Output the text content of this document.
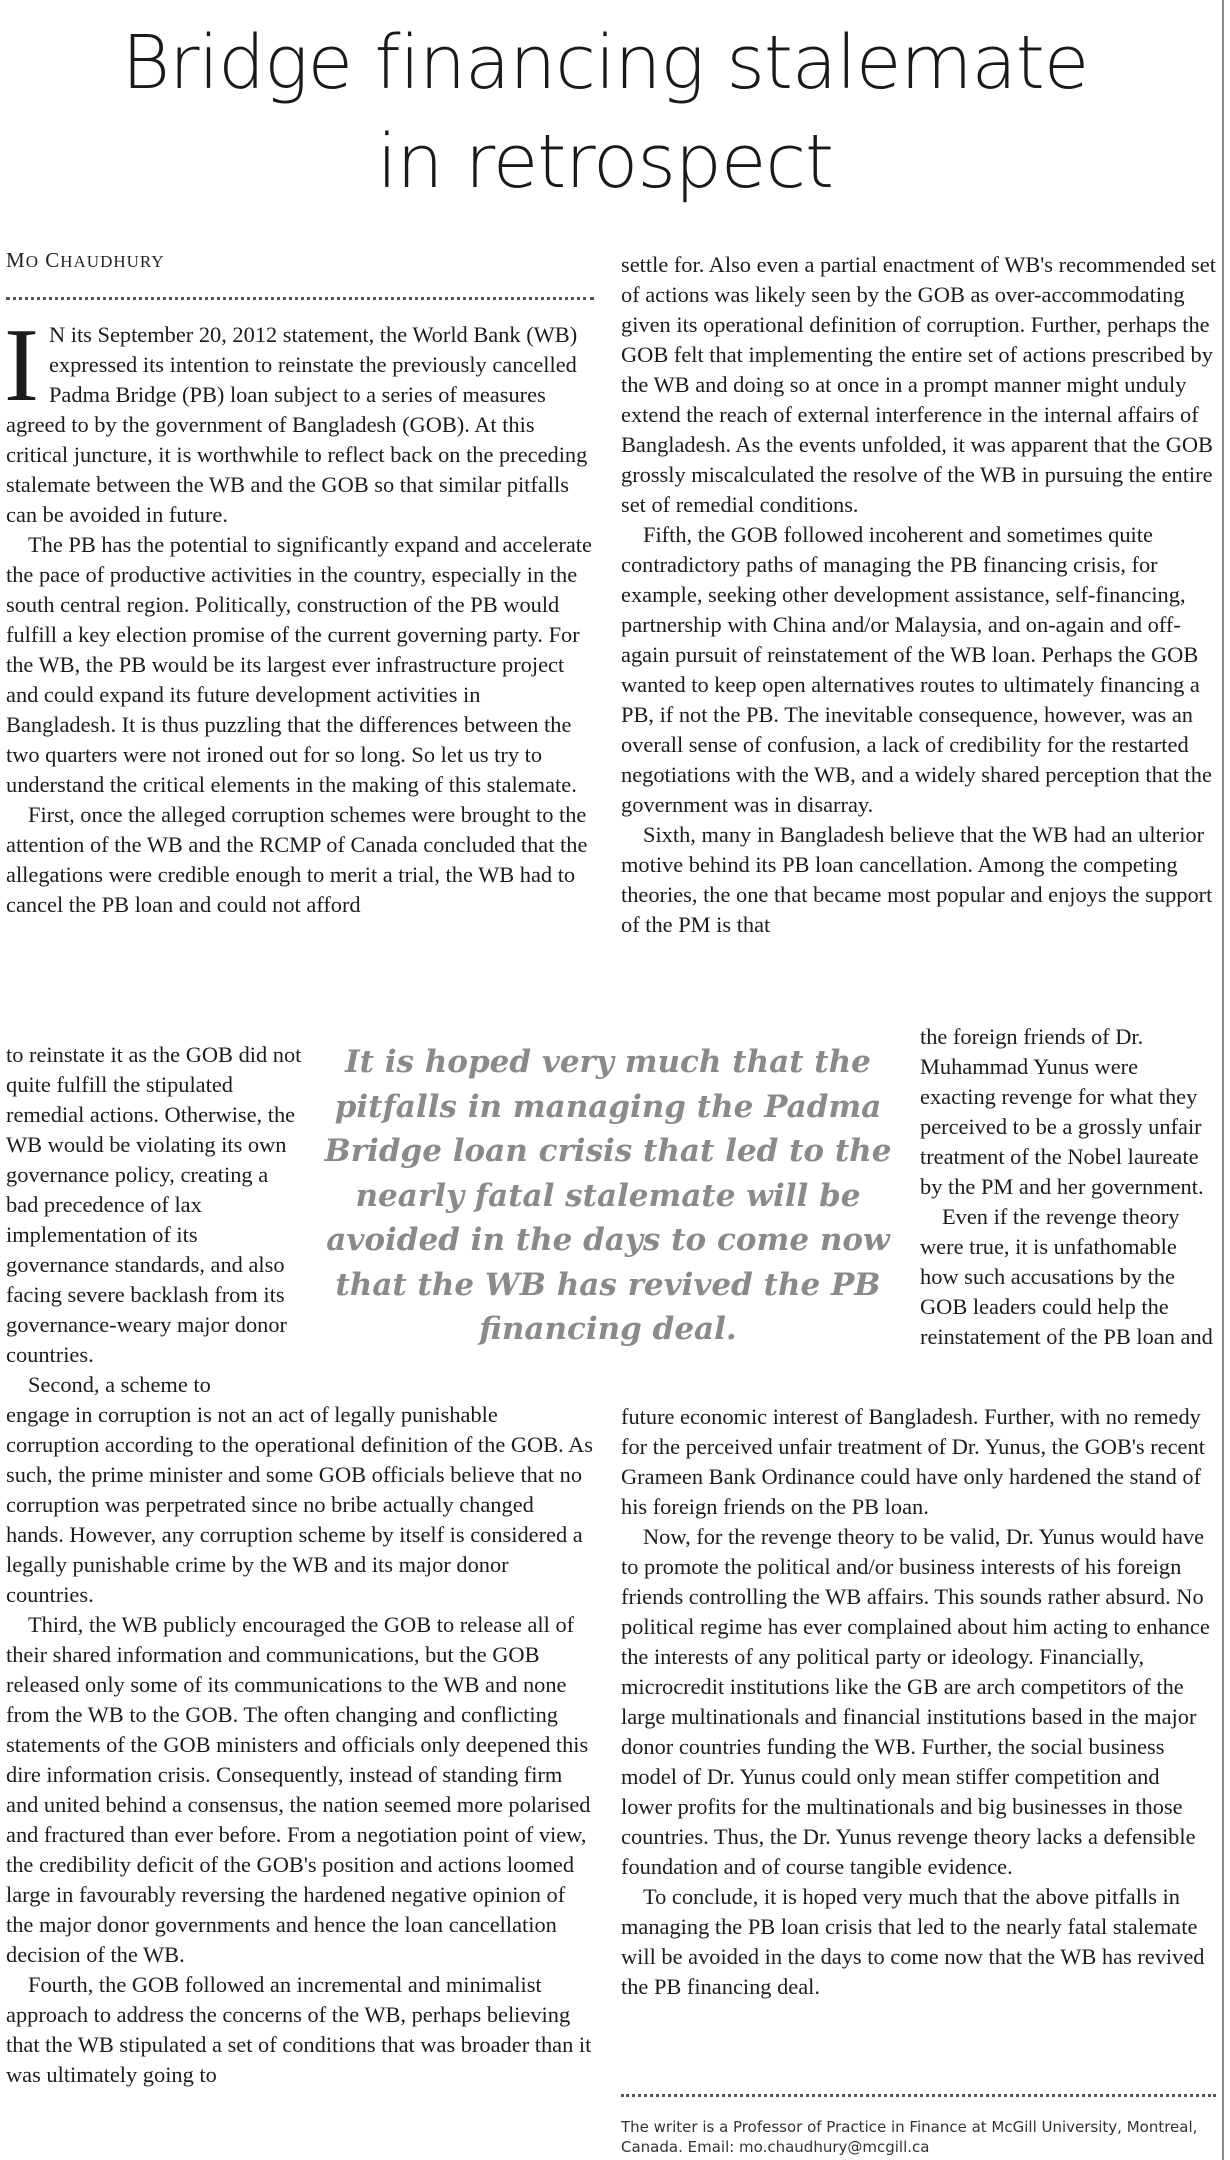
Bridge financing stalemate
in retrospect
MO CHAUDHURY

I N its September 20, 2012 statement, the World Bank (WB) expressed its intention to reinstate the previously cancelled Padma Bridge (PB) loan subject to a series of measures agreed to by the government of Bangladesh (GOB). At this critical juncture, it is worthwhile to reflect back on the preceding stalemate between the WB and the GOB so that similar pitfalls can be avoided in future.

The PB has the potential to significantly expand and accelerate the pace of productive activities in the country, especially in the south central region. Politically, construction of the PB would fulfill a key election promise of the current governing party. For the WB, the PB would be its largest ever infrastructure project and could expand its future development activities in Bangladesh. It is thus puzzling that the differences between the two quarters were not ironed out for so long. So let us try to understand the critical elements in the making of this stalemate.

First, once the alleged corruption schemes were brought to the attention of the WB and the RCMP of Canada concluded that the allegations were credible enough to merit a trial, the WB had to cancel the PB loan and could not afford

to reinstate it as the GOB did not quite fulfill the stipulated remedial actions. Otherwise, the WB would be violating its own governance policy, creating a bad precedence of lax implementation of its governance standards, and also facing severe backlash from its governance-weary major donor countries.

Second, a scheme to

engage in corruption is not an act of legally punishable corruption according to the operational definition of the GOB. As such, the prime minister and some GOB officials believe that no corruption was perpetrated since no bribe actually changed hands. However, any corruption scheme by itself is considered a legally punishable crime by the WB and its major donor countries.

Third, the WB publicly encouraged the GOB to release all of their shared information and communications, but the GOB released only some of its communications to the WB and none from the WB to the GOB. The often changing and conflicting statements of the GOB ministers and officials only deepened this dire information crisis. Consequently, instead of standing firm and united behind a consensus, the nation seemed more polarised and fractured than ever before. From a negotiation point of view, the credibility deficit of the GOB's position and actions loomed large in favourably reversing the hardened negative opinion of the major donor governments and hence the loan cancellation decision of the WB.

Fourth, the GOB followed an incremental and minimalist approach to address the concerns of the WB, perhaps believing that the WB stipulated a set of conditions that was broader than it was ultimately going to

It is hoped very much that the pitfalls in managing the Padma Bridge loan crisis that led to the nearly fatal stalemate will be avoided in the days to come now that the WB has revived the PB financing deal.

settle for. Also even a partial enactment of WB's recommended set of actions was likely seen by the GOB as over-accommodating given its operational definition of corruption. Further, perhaps the GOB felt that implementing the entire set of actions prescribed by the WB and doing so at once in a prompt manner might unduly extend the reach of external interference in the internal affairs of Bangladesh. As the events unfolded, it was apparent that the GOB grossly miscalculated the resolve of the WB in pursuing the entire set of remedial conditions.

Fifth, the GOB followed incoherent and sometimes quite contradictory paths of managing the PB financing crisis, for example, seeking other development assistance, self-financing, partnership with China and/or Malaysia, and on-again and off-again pursuit of reinstatement of the WB loan. Perhaps the GOB wanted to keep open alternatives routes to ultimately financing a PB, if not the PB. The inevitable consequence, however, was an overall sense of confusion, a lack of credibility for the restarted negotiations with the WB, and a widely shared perception that the government was in disarray.

Sixth, many in Bangladesh believe that the WB had an ulterior motive behind its PB loan cancellation. Among the competing theories, the one that became most popular and enjoys the support of the PM is that

the foreign friends of Dr. Muhammad Yunus were exacting revenge for what they perceived to be a grossly unfair treatment of the Nobel laureate by the PM and her government.

Even if the revenge theory were true, it is unfathomable how such accusations by the GOB leaders could help the reinstatement of the PB loan and

future economic interest of Bangladesh. Further, with no remedy for the perceived unfair treatment of Dr. Yunus, the GOB's recent Grameen Bank Ordinance could have only hardened the stand of his foreign friends on the PB loan.

Now, for the revenge theory to be valid, Dr. Yunus would have to promote the political and/or business interests of his foreign friends controlling the WB affairs. This sounds rather absurd. No political regime has ever complained about him acting to enhance the interests of any political party or ideology. Financially, microcredit institutions like the GB are arch competitors of the large multinationals and financial institutions based in the major donor countries funding the WB. Further, the social business model of Dr. Yunus could only mean stiffer competition and lower profits for the multinationals and big businesses in those countries. Thus, the Dr. Yunus revenge theory lacks a defensible foundation and of course tangible evidence.

To conclude, it is hoped very much that the above pitfalls in managing the PB loan crisis that led to the nearly fatal stalemate will be avoided in the days to come now that the WB has revived the PB financing deal.

The writer is a Professor of Practice in Finance at McGill University, Montreal, Canada. Email: mo.chaudhury@mcgill.ca
